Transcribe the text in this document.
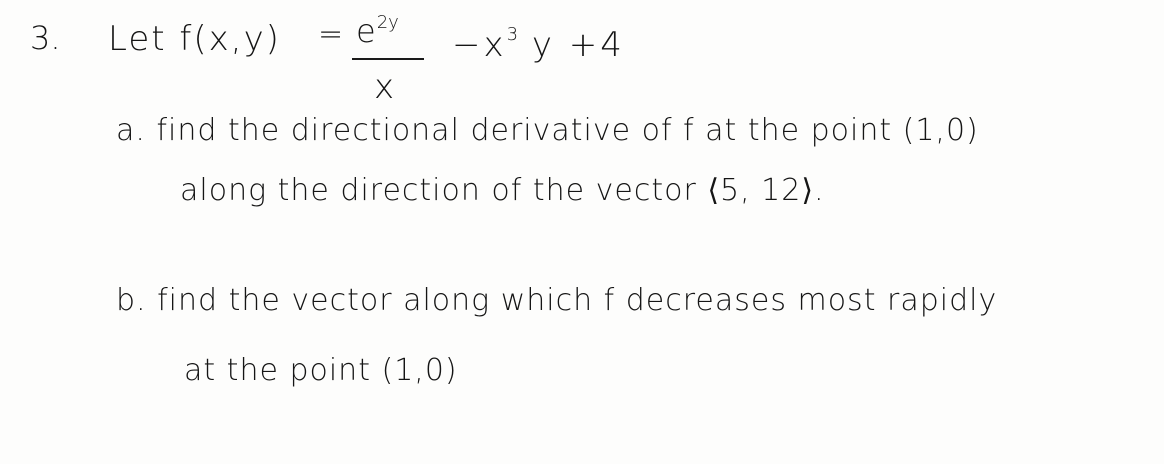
3. Let $f(x,y) = e^{2y}$
x
$-x^3$ y +4
a. find the directional derivative of f at the point (1,0)
along the direction of the vector ⟨5, 12⟩.
b. find the vector along which f decreases most rapidly
at the point (1,0)
